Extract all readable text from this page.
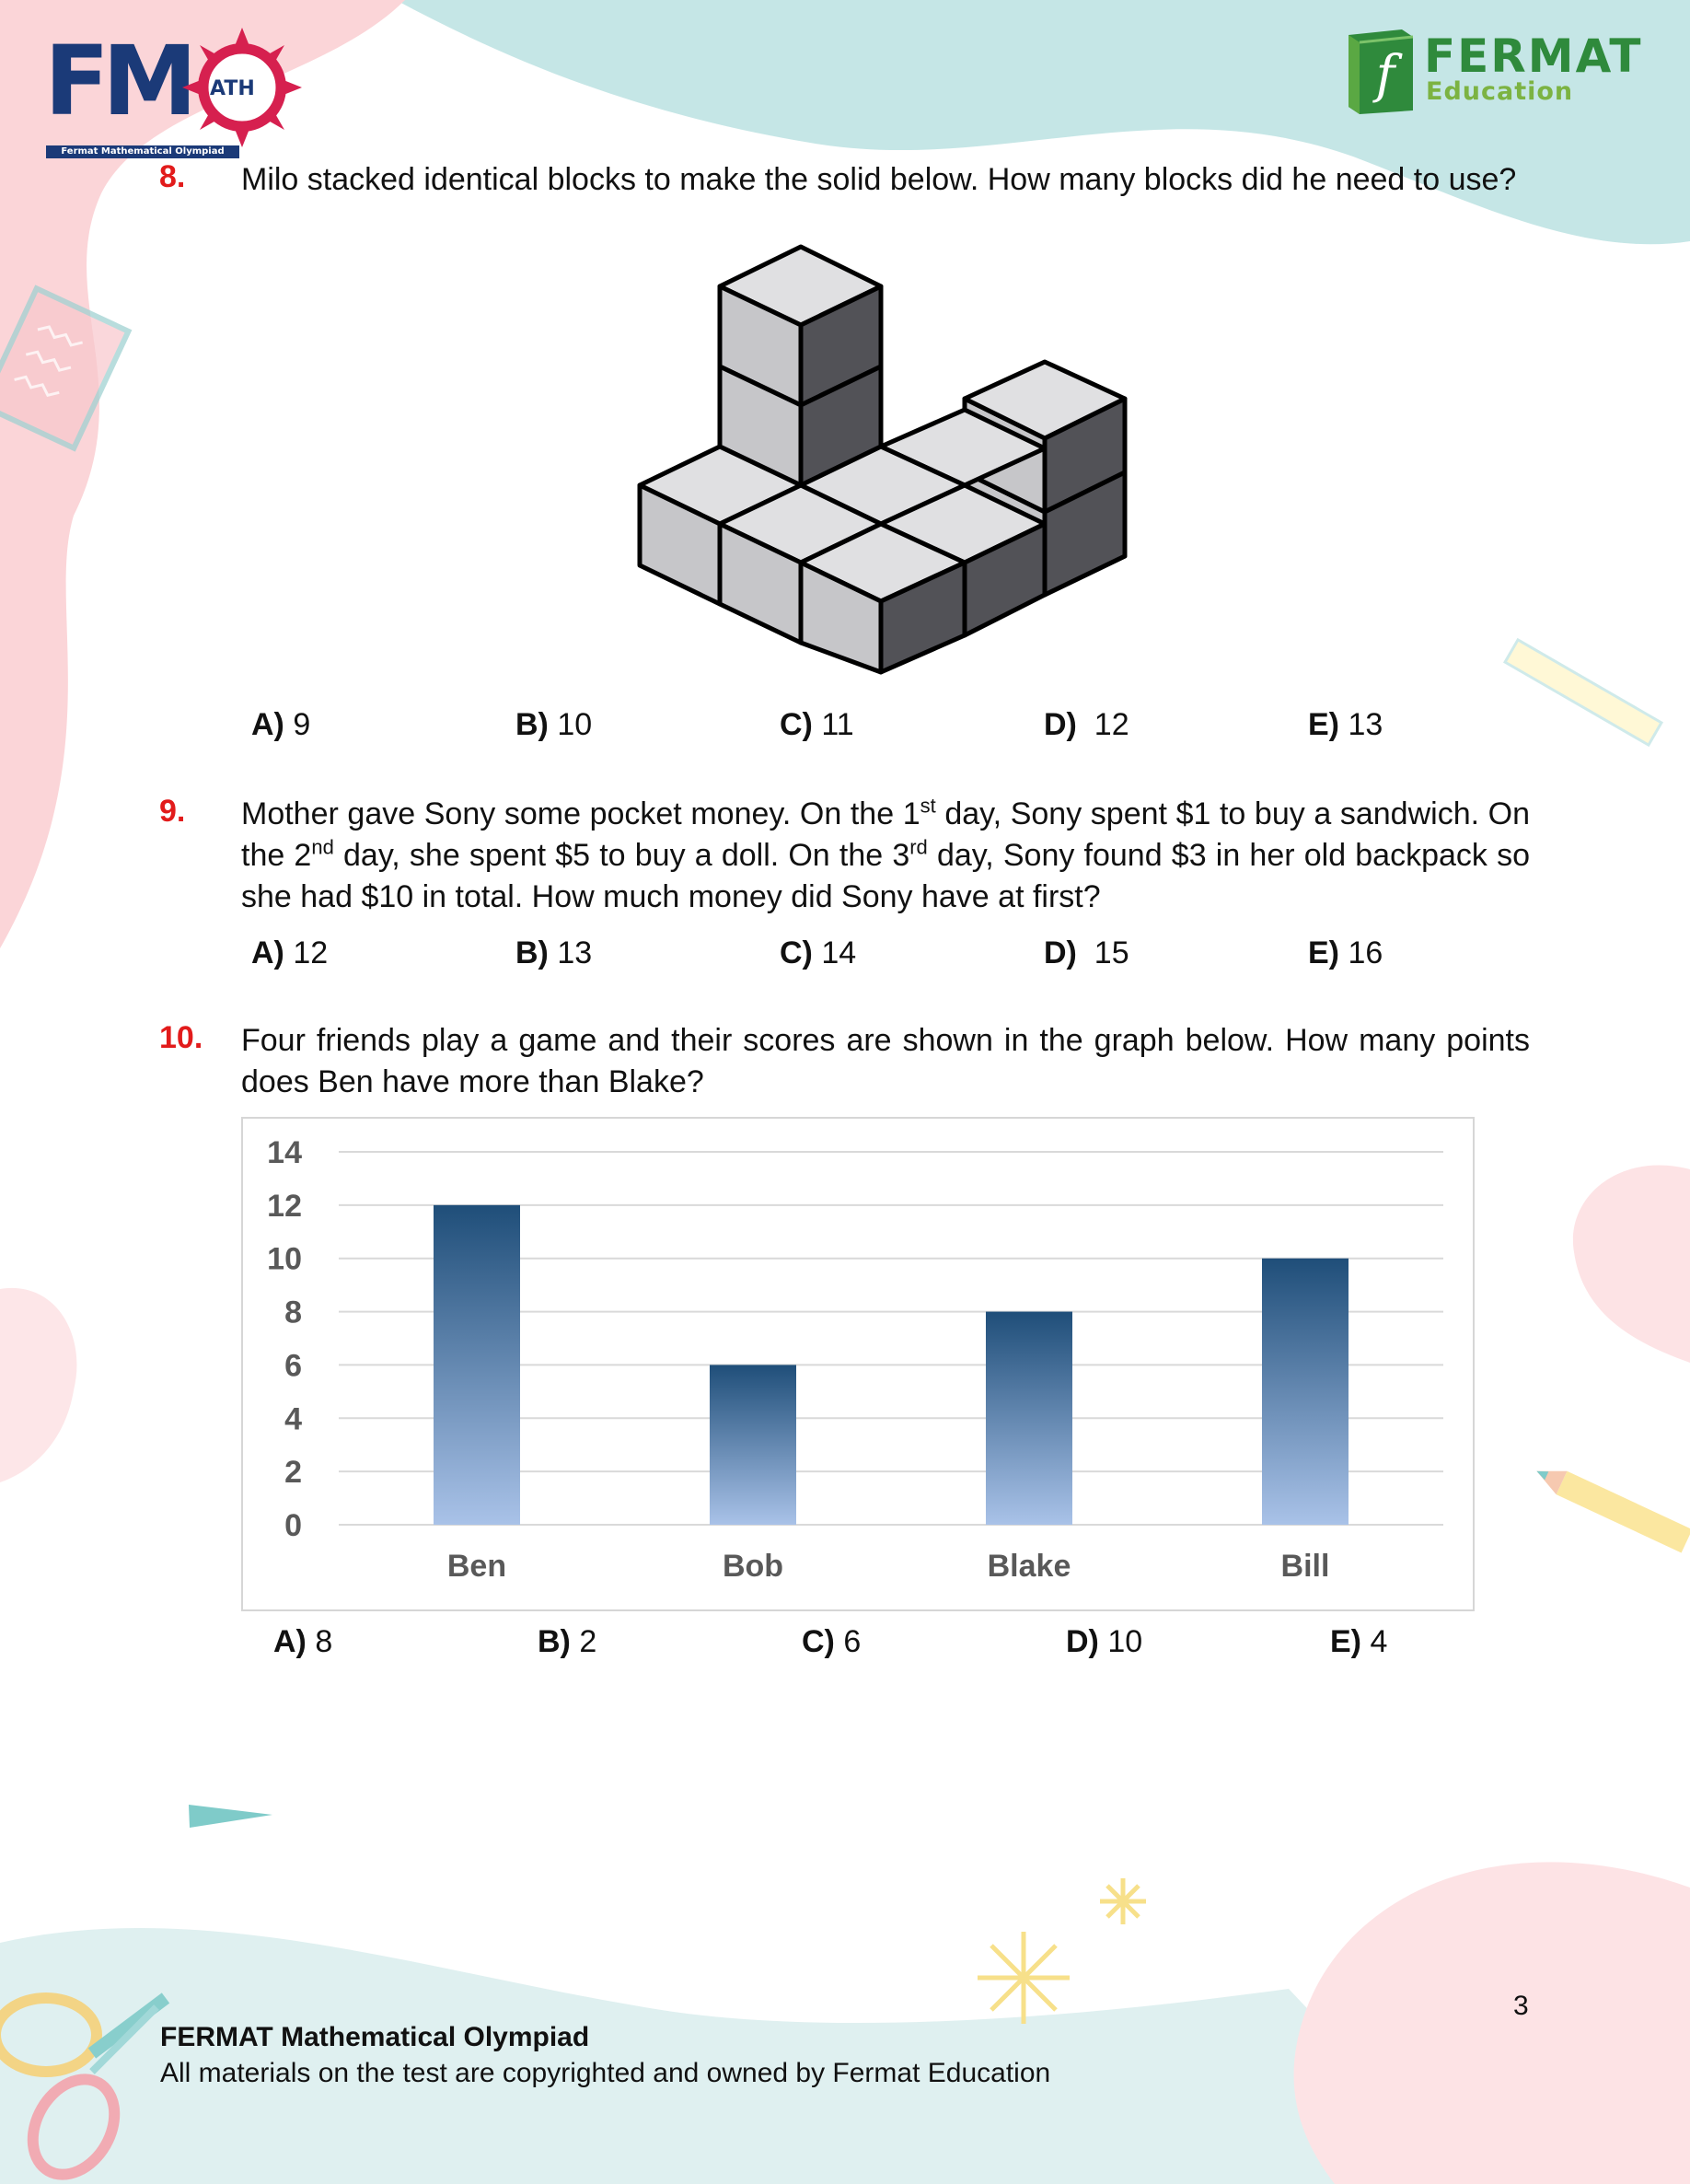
FM ATH
Fermat Mathematical Olympiad
f FERMAT
Education
8. Milo stacked identical blocks to make the solid below. How many blocks did he need to use?
A) 9	B) 10	C) 11	D)  12	E) 13
9. Mother gave Sony some pocket money. On the 1st day, Sony spent $1 to buy a sandwich. On the 2nd day, she spent $5 to buy a doll. On the 3rd day, Sony found $3 in her old backpack so she had $10 in total. How much money did Sony have at first?
A) 12	B) 13	C) 14	D)  15	E) 16
10. Four friends play a game and their scores are shown in the graph below. How many points does Ben have more than Blake?
0
2
4
6
8
10
12
14
Ben	Bob	Blake	Bill
A) 8	B) 2	C) 6	D) 10	E) 4
3
FERMAT Mathematical Olympiad
All materials on the test are copyrighted and owned by Fermat Education
